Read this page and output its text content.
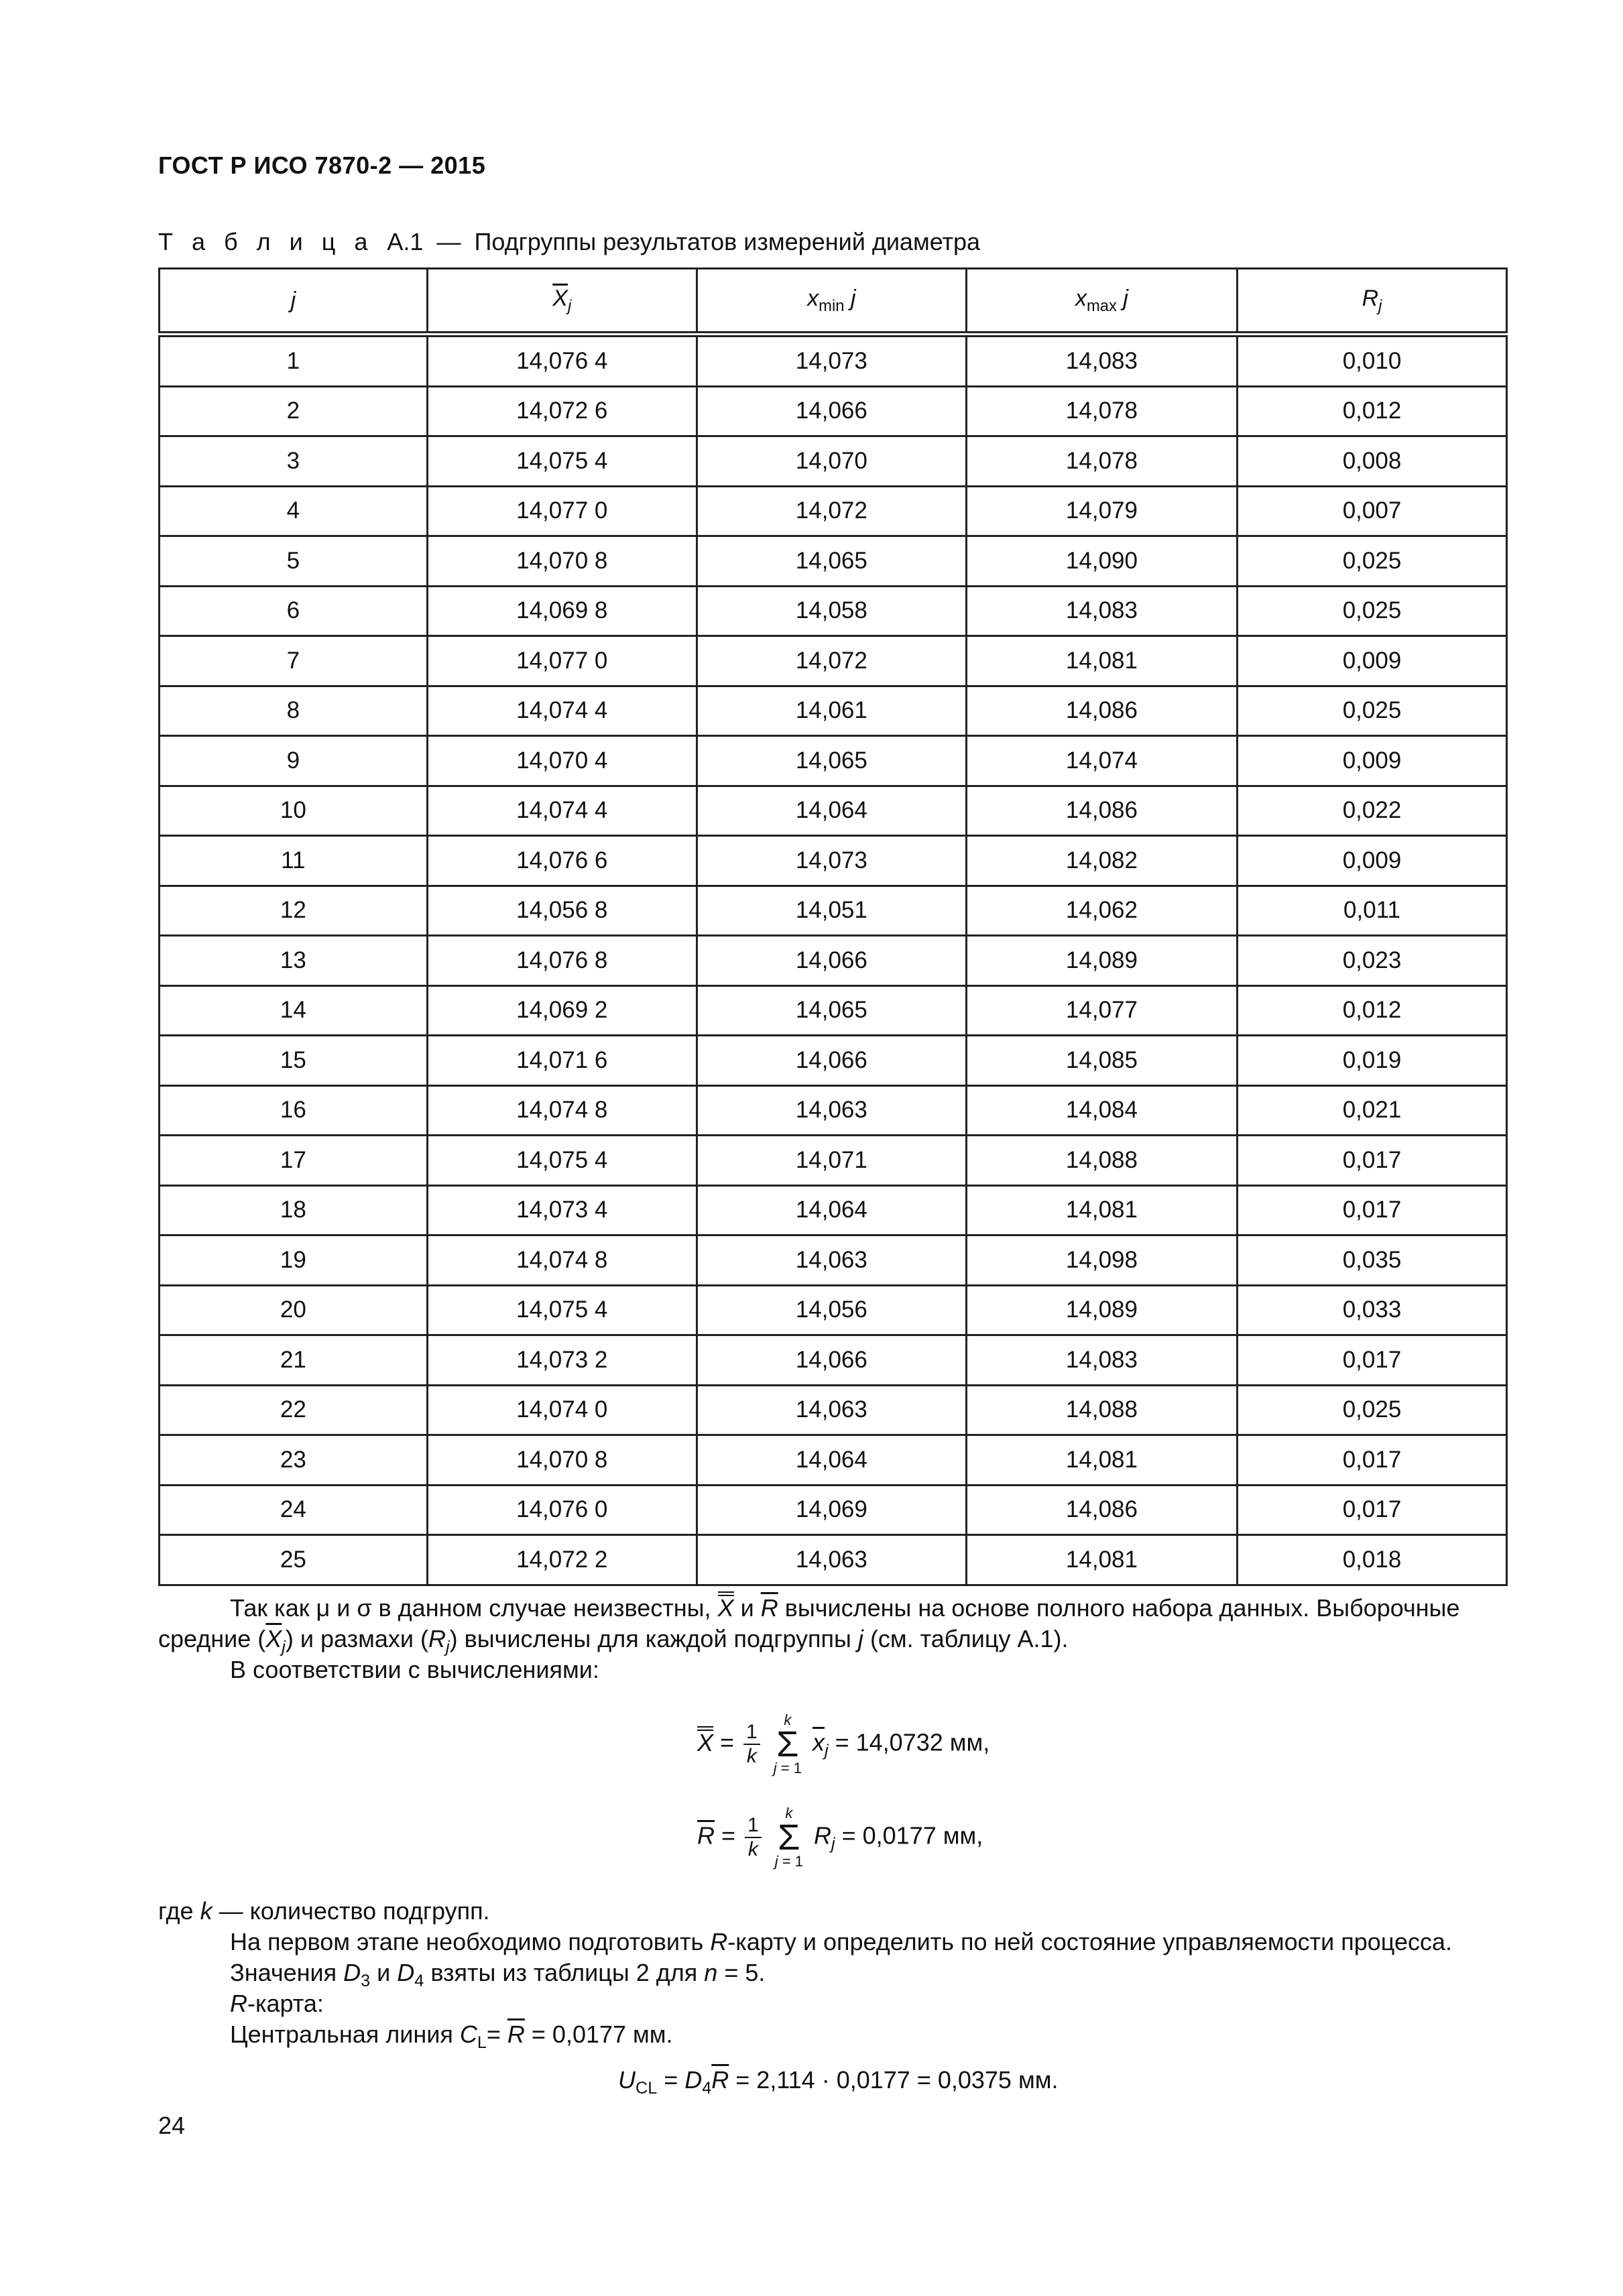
ГОСТ Р ИСО 7870-2 — 2015
Т а б л и ц а А.1 — Подгруппы результатов измерений диаметра
j	$\overline{X}_j$	$x_{min}$ j	$x_{max}$ j	$R_j$
1	14,076 4	14,073	14,083	0,010
2	14,072 6	14,066	14,078	0,012
3	14,075 4	14,070	14,078	0,008
4	14,077 0	14,072	14,079	0,007
5	14,070 8	14,065	14,090	0,025
6	14,069 8	14,058	14,083	0,025
7	14,077 0	14,072	14,081	0,009
8	14,074 4	14,061	14,086	0,025
9	14,070 4	14,065	14,074	0,009
10	14,074 4	14,064	14,086	0,022
11	14,076 6	14,073	14,082	0,009
12	14,056 8	14,051	14,062	0,011
13	14,076 8	14,066	14,089	0,023
14	14,069 2	14,065	14,077	0,012
15	14,071 6	14,066	14,085	0,019
16	14,074 8	14,063	14,084	0,021
17	14,075 4	14,071	14,088	0,017
18	14,073 4	14,064	14,081	0,017
19	14,074 8	14,063	14,098	0,035
20	14,075 4	14,056	14,089	0,033
21	14,073 2	14,066	14,083	0,017
22	14,074 0	14,063	14,088	0,025
23	14,070 8	14,064	14,081	0,017
24	14,076 0	14,069	14,086	0,017
25	14,072 2	14,063	14,081	0,018
Так как μ и σ в данном случае неизвестны, X и $\overline{R}$ вычислены на основе полного набора данных. Выборочные
средние $(\overline{X}_j)$ и размахи $(R_j)$ вычислены для каждой подгруппы j (см. таблицу А.1).
В соответствии с вычислениями:
$X = \frac{1}{k}$

k
Σ
j = 1
$\overline{x}_j = 14,0732$ мм,
$\overline{R} = \frac{1}{k}$

k
Σ
j = 1
$R_j = 0,0177$ мм,
где k — количество подгрупп.
На первом этапе необходимо подготовить R-карту и определить по ней состояние управляемости процесса.
Значения $D_3$ и $D_4$ взяты из таблицы 2 для n = 5.
R-карта:
Центральная линия $C_L= \overline{R} = 0,0177$ мм.
$U_{CL} = D_4\overline{R} = 2,114 \cdot 0,0177 = 0,0375$ мм.
24
